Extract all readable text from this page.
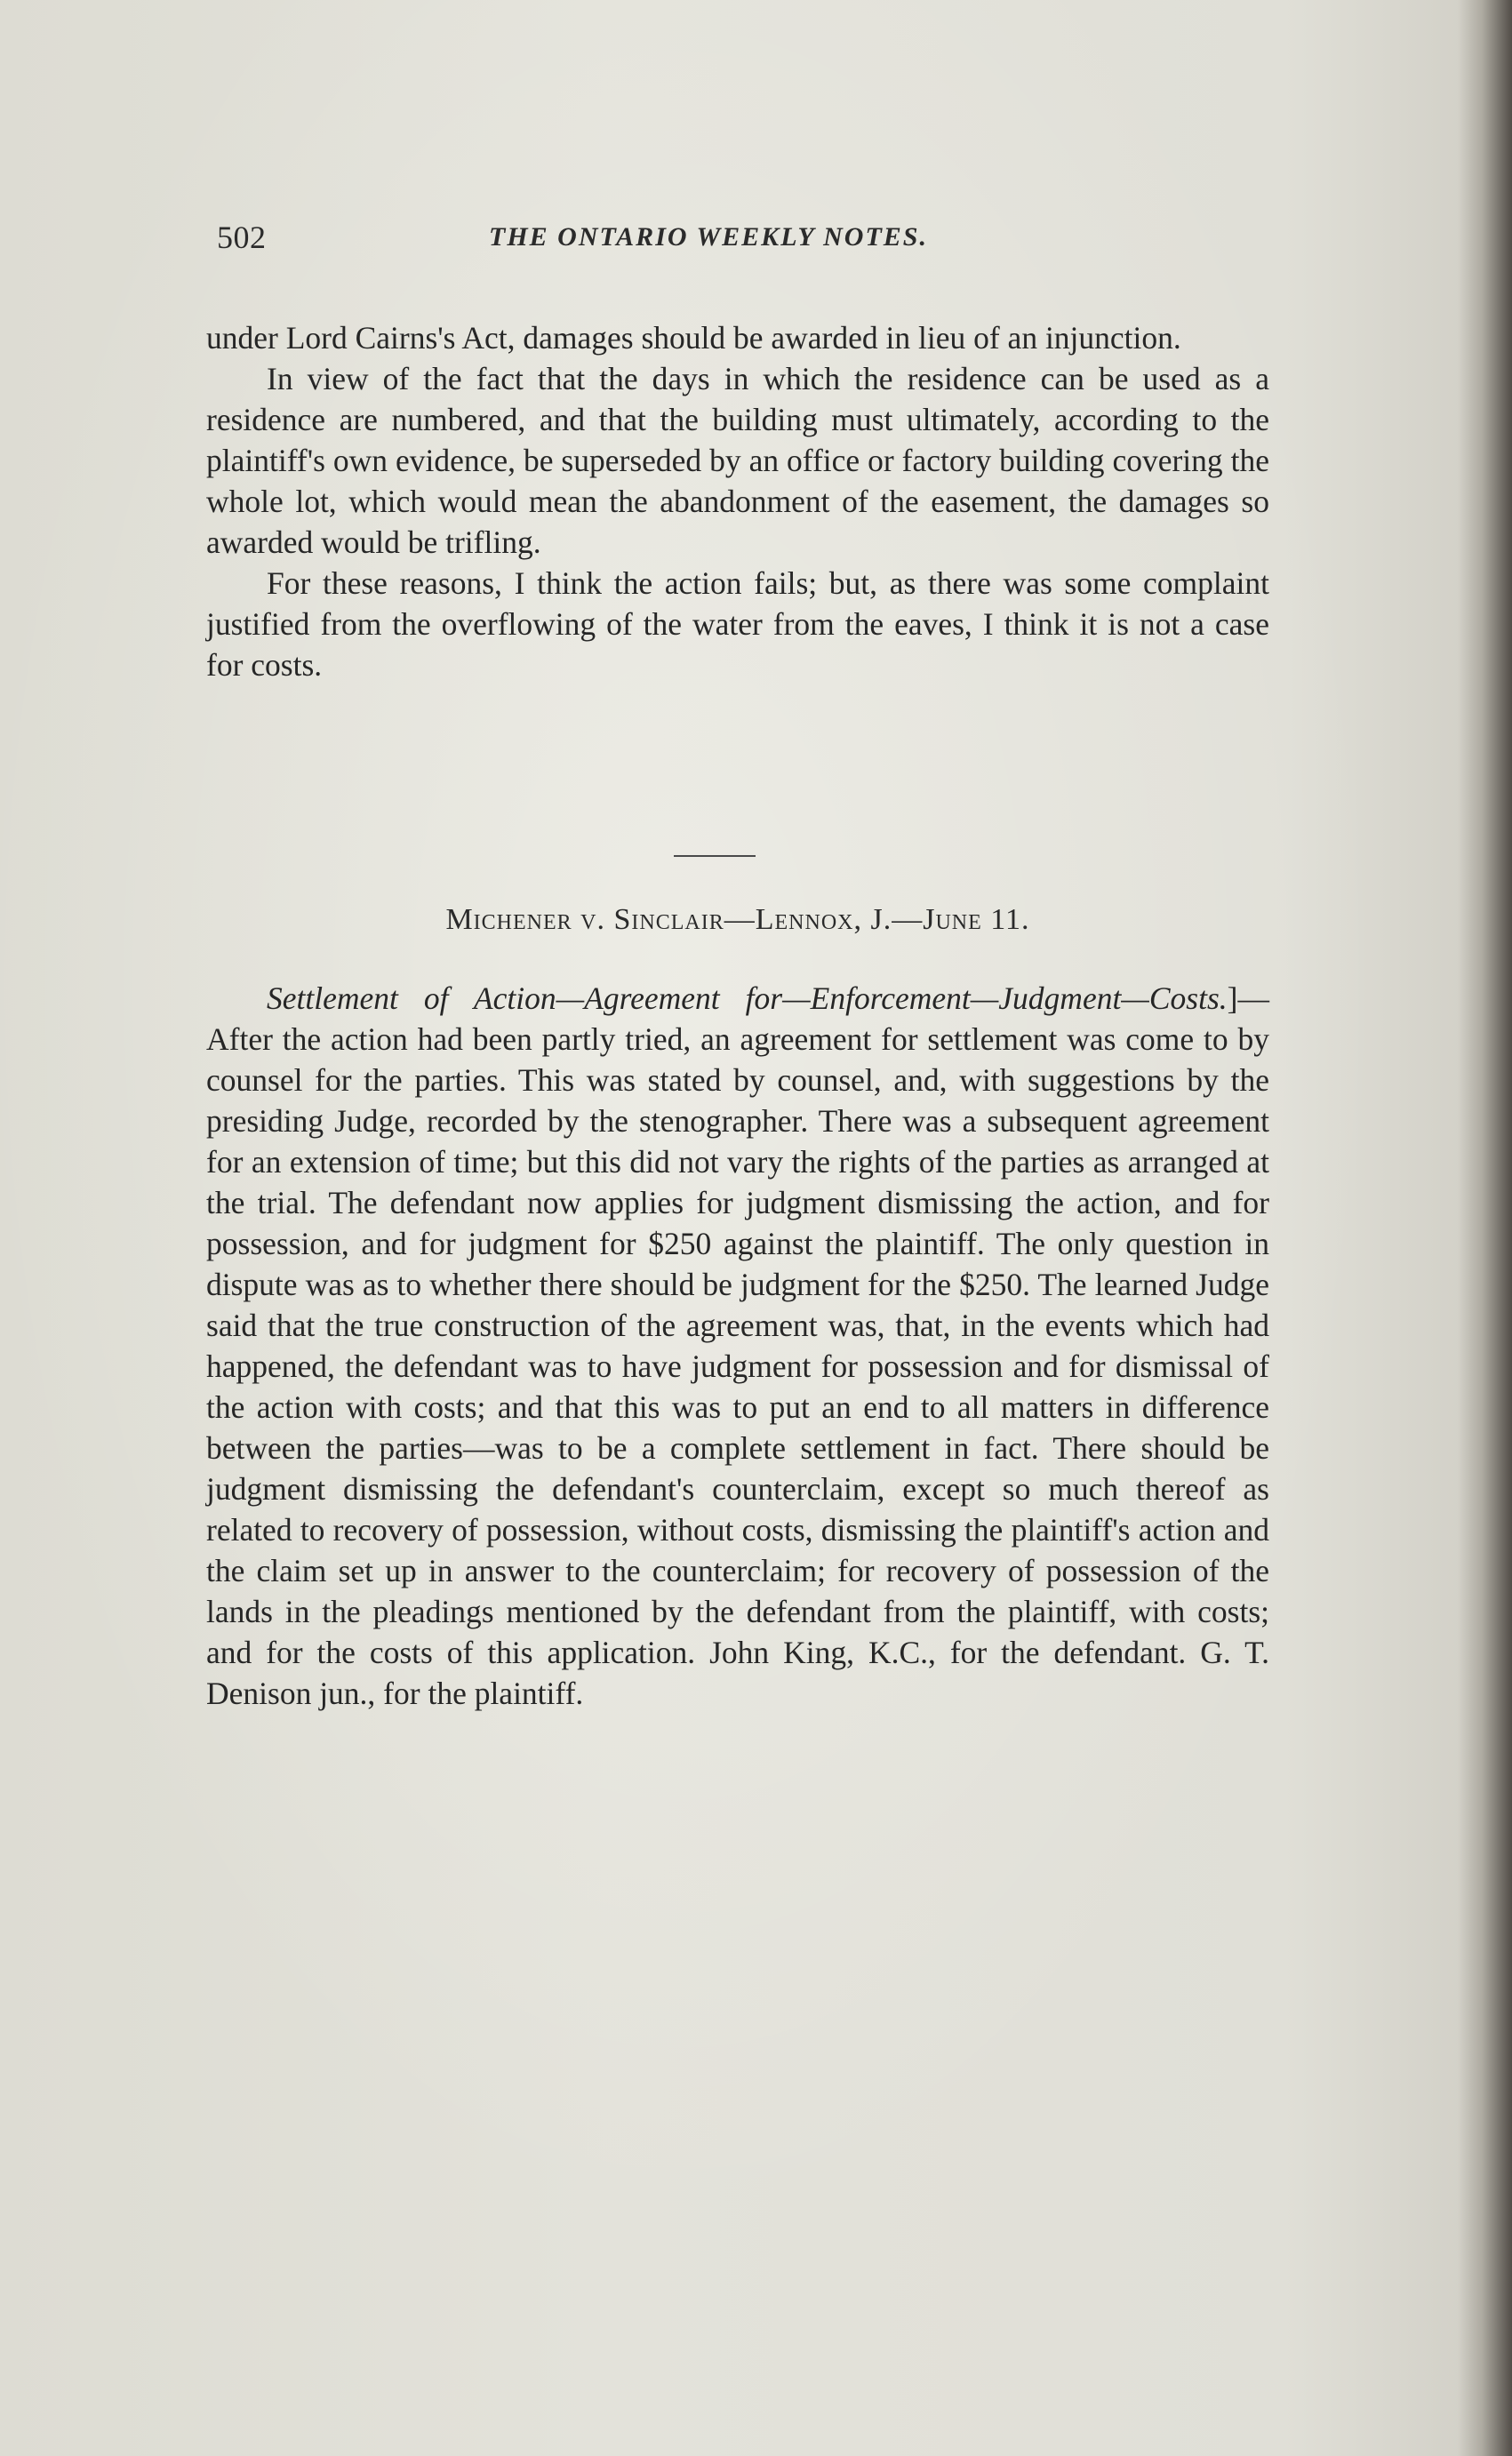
502	THE ONTARIO WEEKLY NOTES.

under Lord Cairns's Act, damages should be awarded in lieu of an injunction.

In view of the fact that the days in which the residence can be used as a residence are numbered, and that the building must ultimately, according to the plaintiff's own evidence, be superseded by an office or factory building covering the whole lot, which would mean the abandonment of the easement, the damages so awarded would be trifling.

For these reasons, I think the action fails; but, as there was some complaint justified from the overflowing of the water from the eaves, I think it is not a case for costs.

Michener v. Sinclair—Lennox, J.—June 11.

Settlement of Action—Agreement for—Enforcement—Judgment—Costs.]—After the action had been partly tried, an agreement for settlement was come to by counsel for the parties. This was stated by counsel, and, with suggestions by the presiding Judge, recorded by the stenographer. There was a subsequent agreement for an extension of time; but this did not vary the rights of the parties as arranged at the trial. The defendant now applies for judgment dismissing the action, and for possession, and for judgment for $250 against the plaintiff. The only question in dispute was as to whether there should be judgment for the $250. The learned Judge said that the true construction of the agreement was, that, in the events which had happened, the defendant was to have judgment for possession and for dismissal of the action with costs; and that this was to put an end to all matters in difference between the parties—was to be a complete settlement in fact. There should be judgment dismissing the defendant's counterclaim, except so much thereof as related to recovery of possession, without costs, dismissing the plaintiff's action and the claim set up in answer to the counterclaim; for recovery of possession of the lands in the pleadings mentioned by the defendant from the plaintiff, with costs; and for the costs of this application. John King, K.C., for the defendant. G. T. Denison jun., for the plaintiff.
